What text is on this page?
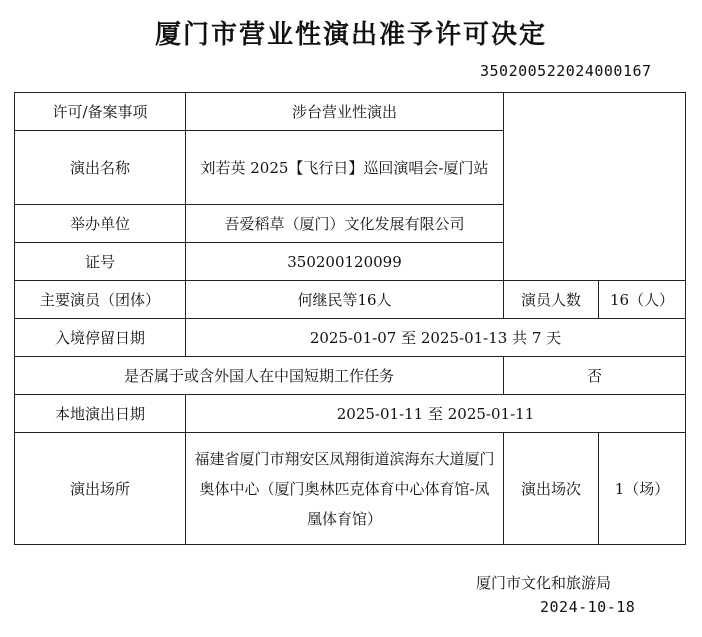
厦门市营业性演出准予许可决定
350200522024000167
许可/备案事项	涉台营业性演出		
演出名称	刘若英 2025【飞行日】巡回演唱会-厦门站		
举办单位	吾爱稻草（厦门）文化发展有限公司		
证号	350200120099		
主要演员（团体）	何继民等16人	演员人数	16（人）
入境停留日期	2025-01-07 至 2025-01-13 共 7 天		
是否属于或含外国人在中国短期工作任务		否	
本地演出日期	2025-01-11 至 2025-01-11		
演出场所	福建省厦门市翔安区凤翔街道滨海东大道厦门奥体中心（厦门奥林匹克体育中心体育馆-凤凰体育馆）	演出场次	1（场）
厦门市文化和旅游局
2024-10-18
